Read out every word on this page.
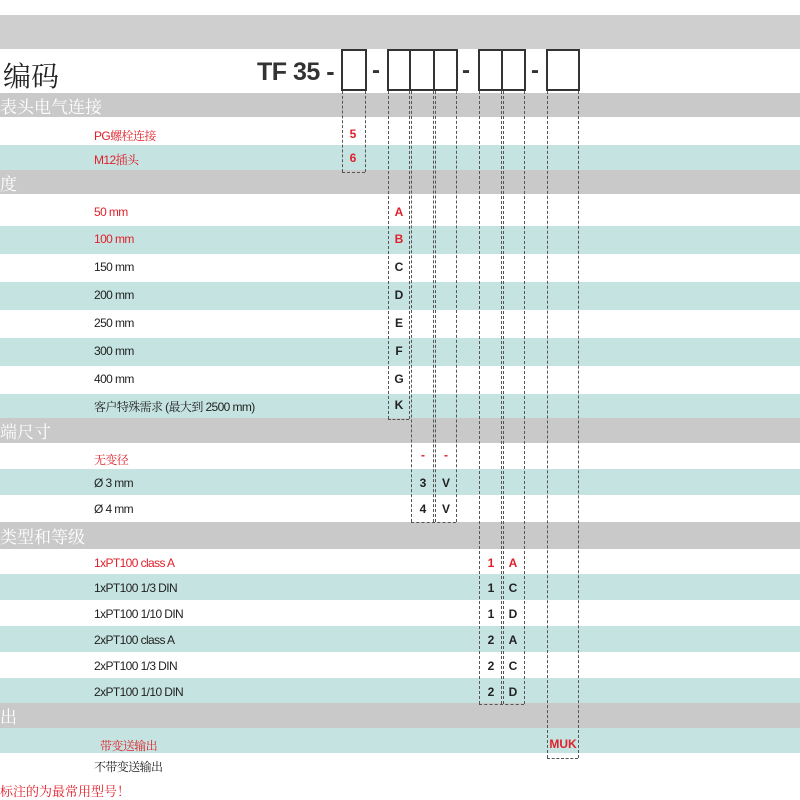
表头电气连接
度
端尺寸
类型和等级
出
编码	TF 35 - -	-	-
PG螺栓连接	5
M12插头	6
50 mm	A
100 mm	B
150 mm	C
200 mm	D
250 mm	E
300 mm	F
400 mm	G
客户特殊需求 (最大到 2500 mm)	K
无变径	-	-
Ø 3 mm	3	V
Ø 4 mm	4	V
1xPT100 class A	1	A
1xPT100 1/3 DIN	1	C
1xPT100 1/10 DIN	1	D
2xPT100 class A	2	A
2xPT100 1/3 DIN	2	C
2xPT100 1/10 DIN	2	D
带变送输出	MUK
不带变送输出
标注的为最常用型号！
